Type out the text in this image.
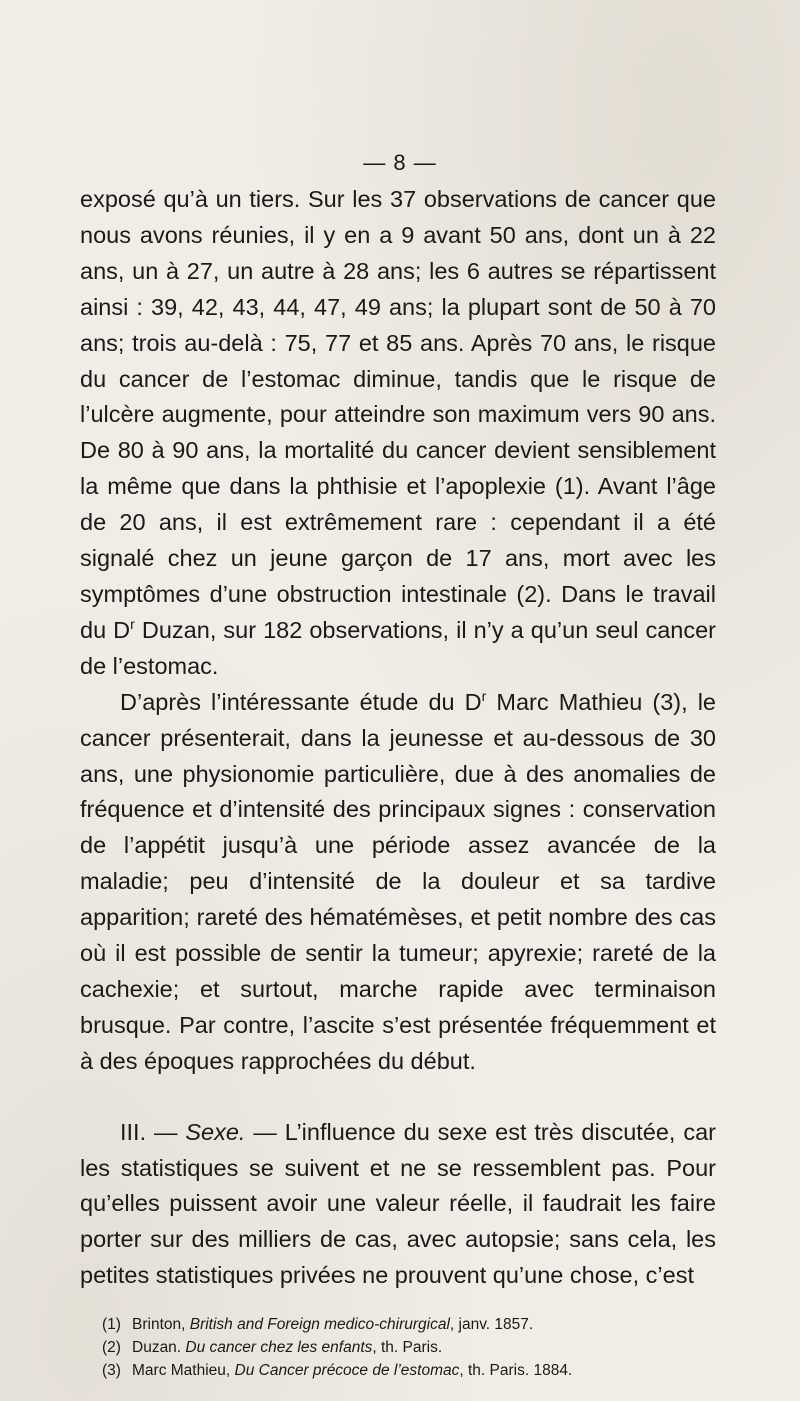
— 8 —

exposé qu’à un tiers. Sur les 37 observations de cancer que nous avons réunies, il y en a 9 avant 50 ans, dont un à 22 ans, un à 27, un autre à 28 ans; les 6 autres se répartissent ainsi : 39, 42, 43, 44, 47, 49 ans; la plupart sont de 50 à 70 ans; trois au-delà : 75, 77 et 85 ans. Après 70 ans, le risque du cancer de l’estomac diminue, tandis que le risque de l’ulcère augmente, pour atteindre son maximum vers 90 ans. De 80 à 90 ans, la mortalité du cancer devient sensiblement la même que dans la phthisie et l’apoplexie (1). Avant l’âge de 20 ans, il est extrêmement rare : cependant il a été signalé chez un jeune garçon de 17 ans, mort avec les symptômes d’une obstruction intestinale (2). Dans le travail du $D^r$ Duzan, sur 182 observations, il n’y a qu’un seul cancer de l’estomac.

D’après l’intéressante étude du $D^r$ Marc Mathieu (3), le cancer présenterait, dans la jeunesse et au-dessous de 30 ans, une physionomie particulière, due à des anomalies de fréquence et d’intensité des principaux signes : conservation de l’appétit jusqu’à une période assez avancée de la maladie; peu d’intensité de la douleur et sa tardive apparition; rareté des hématémèses, et petit nombre des cas où il est possible de sentir la tumeur; apyrexie; rareté de la cachexie; et surtout, marche rapide avec terminaison brusque. Par contre, l’ascite s’est présentée fréquemment et à des époques rapprochées du début.

III. — Sexe. — L’influence du sexe est très discutée, car les statistiques se suivent et ne se ressemblent pas. Pour qu’elles puissent avoir une valeur réelle, il faudrait les faire porter sur des milliers de cas, avec autopsie; sans cela, les petites statistiques privées ne prouvent qu’une chose, c’est

(1) Brinton, British and Foreign medico-chirurgical, janv. 1857.

(2) Duzan. Du cancer chez les enfants, th. Paris.

(3) Marc Mathieu, Du Cancer précoce de l’estomac, th. Paris. 1884.
